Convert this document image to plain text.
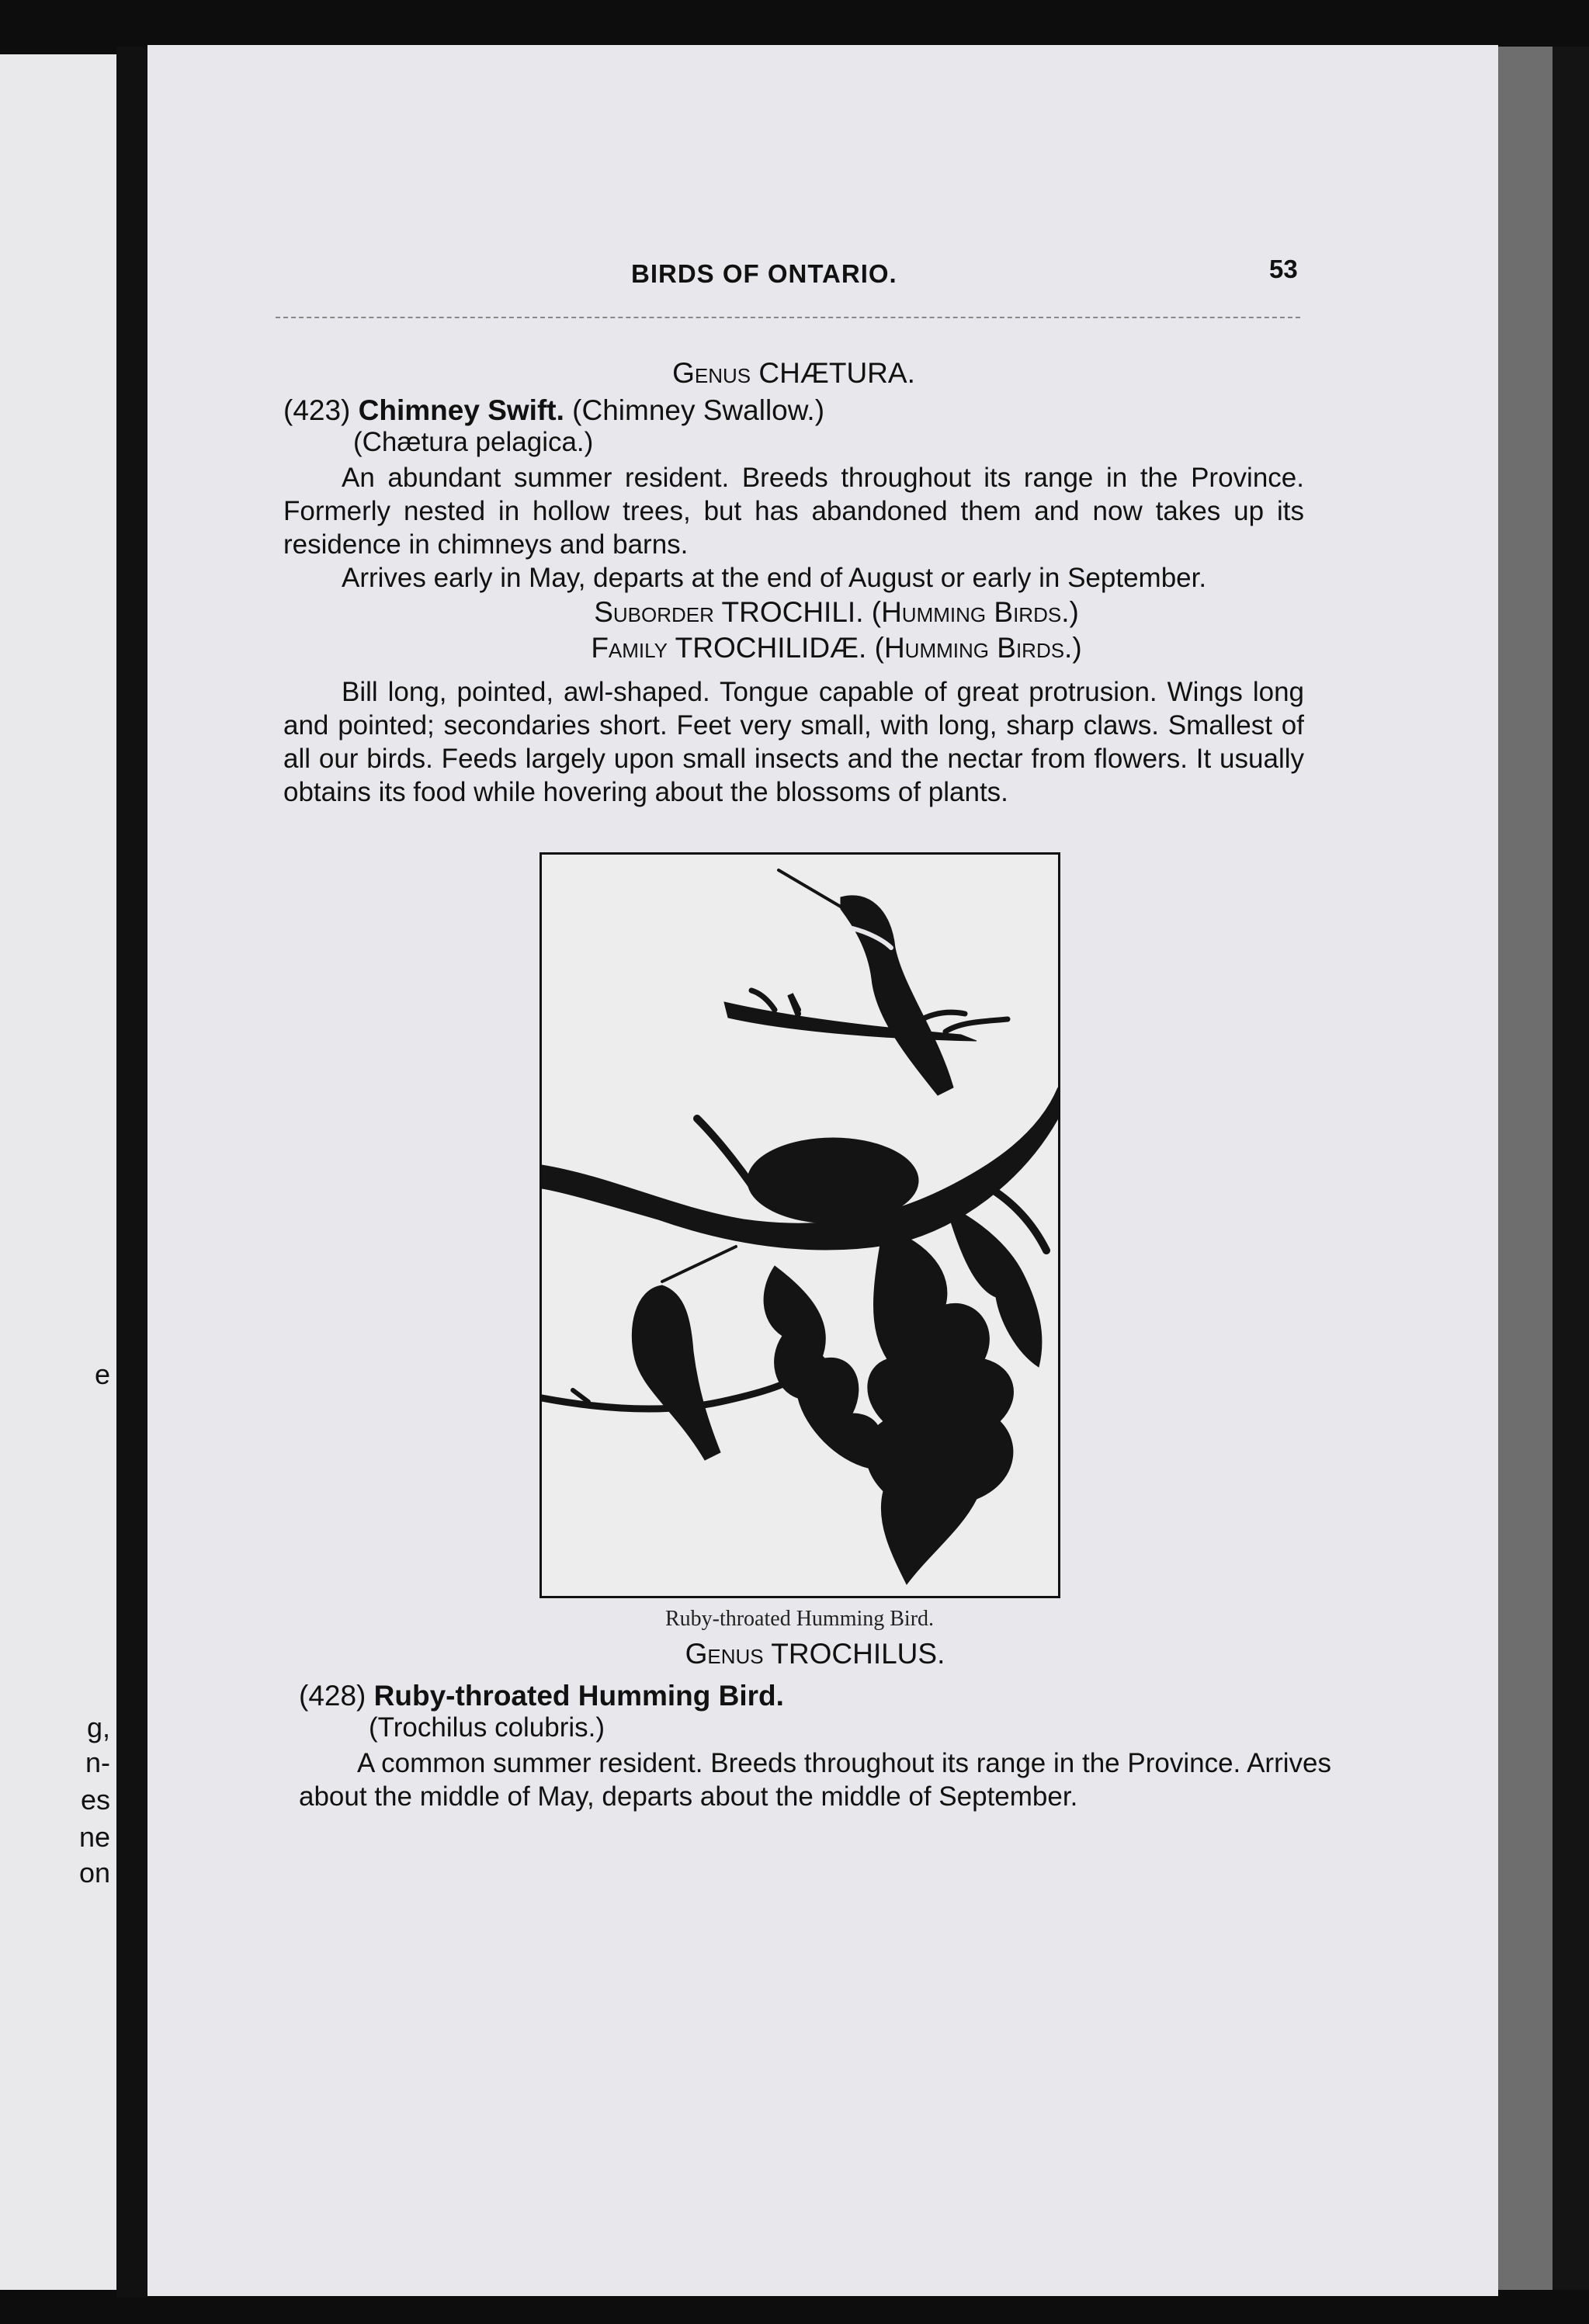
e

g,

n-

es

ne

on

BIRDS OF ONTARIO.	53

Genus CHÆTURA.

(423) Chimney Swift. (Chimney Swallow.)

(Chætura pelagica.)

An abundant summer resident. Breeds throughout its range in the Province. Formerly nested in hollow trees, but has abandoned them and now takes up its residence in chimneys and barns.

Arrives early in May, departs at the end of August or early in September.

Suborder TROCHILI. (Humming Birds.)

Family TROCHILIDÆ. (Humming Birds.)

Bill long, pointed, awl-shaped. Tongue capable of great protrusion. Wings long and pointed; secondaries short. Feet very small, with long, sharp claws. Smallest of all our birds. Feeds largely upon small insects and the nectar from flowers. It usually obtains its food while hovering about the blossoms of plants.

Ruby-throated Humming Bird.

Genus TROCHILUS.

(428) Ruby-throated Humming Bird.

(Trochilus colubris.)

A common summer resident. Breeds throughout its range in the Province. Arrives about the middle of May, departs about the middle of September.
